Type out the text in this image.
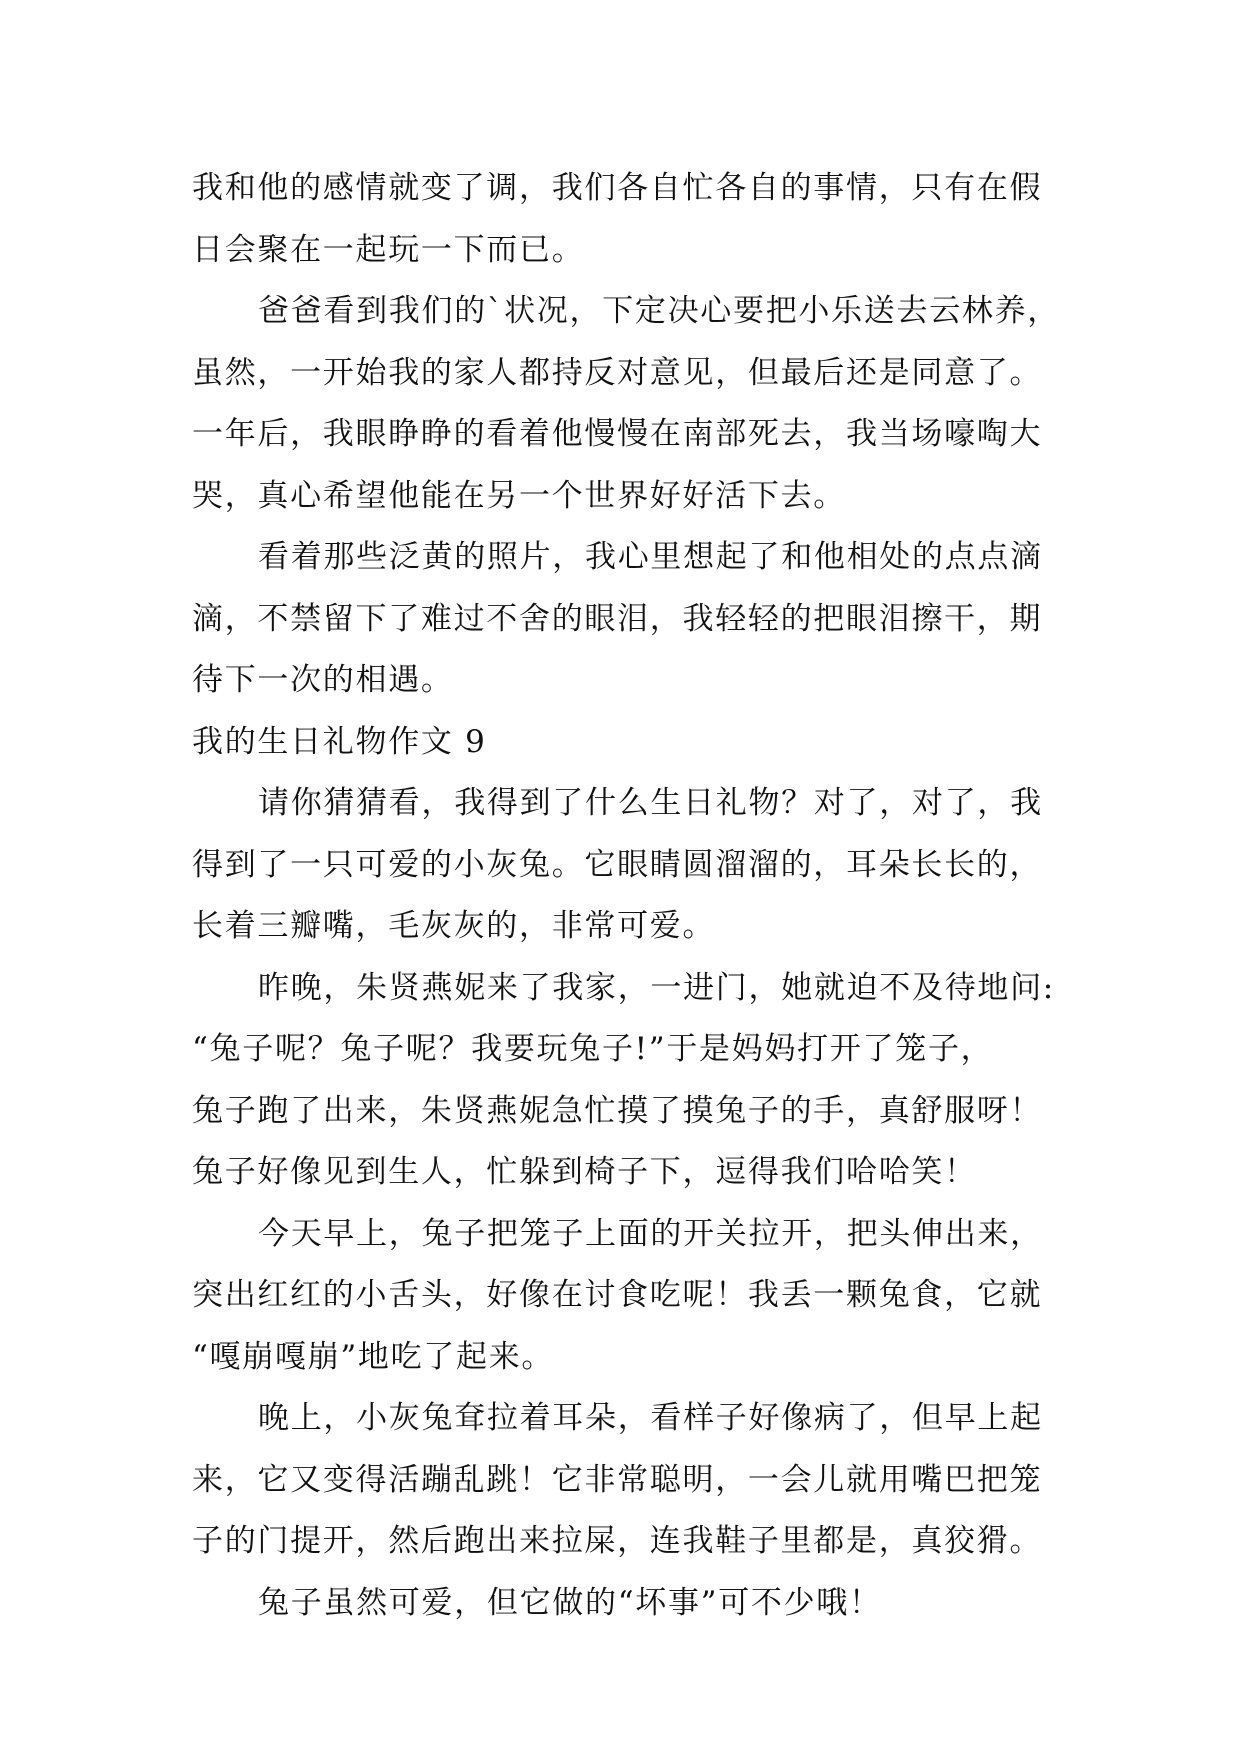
我和他的感情就变了调，我们各自忙各自的事情，只有在假
日会聚在一起玩一下而已。
爸爸看到我们的`状况，下定决心要把小乐送去云林养，
虽然，一开始我的家人都持反对意见，但最后还是同意了。
一年后，我眼睁睁的看着他慢慢在南部死去，我当场嚎啕大
哭，真心希望他能在另一个世界好好活下去。
看着那些泛黄的照片，我心里想起了和他相处的点点滴
滴，不禁留下了难过不舍的眼泪，我轻轻的把眼泪擦干，期
待下一次的相遇。
我的生日礼物作文 9
请你猜猜看，我得到了什么生日礼物？对了，对了，我
得到了一只可爱的小灰兔。它眼睛圆溜溜的，耳朵长长的，
长着三瓣嘴，毛灰灰的，非常可爱。
昨晚，朱贤燕妮来了我家，一进门，她就迫不及待地问:
“兔子呢？兔子呢？我要玩兔子!”于是妈妈打开了笼子，
兔子跑了出来，朱贤燕妮急忙摸了摸兔子的手，真舒服呀！
兔子好像见到生人，忙躲到椅子下，逗得我们哈哈笑！
今天早上，兔子把笼子上面的开关拉开，把头伸出来，
突出红红的小舌头，好像在讨食吃呢！我丢一颗兔食，它就
“嘎崩嘎崩”地吃了起来。
晚上，小灰兔耷拉着耳朵，看样子好像病了，但早上起
来，它又变得活蹦乱跳！它非常聪明，一会儿就用嘴巴把笼
子的门提开，然后跑出来拉屎，连我鞋子里都是，真狡猾。
兔子虽然可爱，但它做的“坏事”可不少哦！
